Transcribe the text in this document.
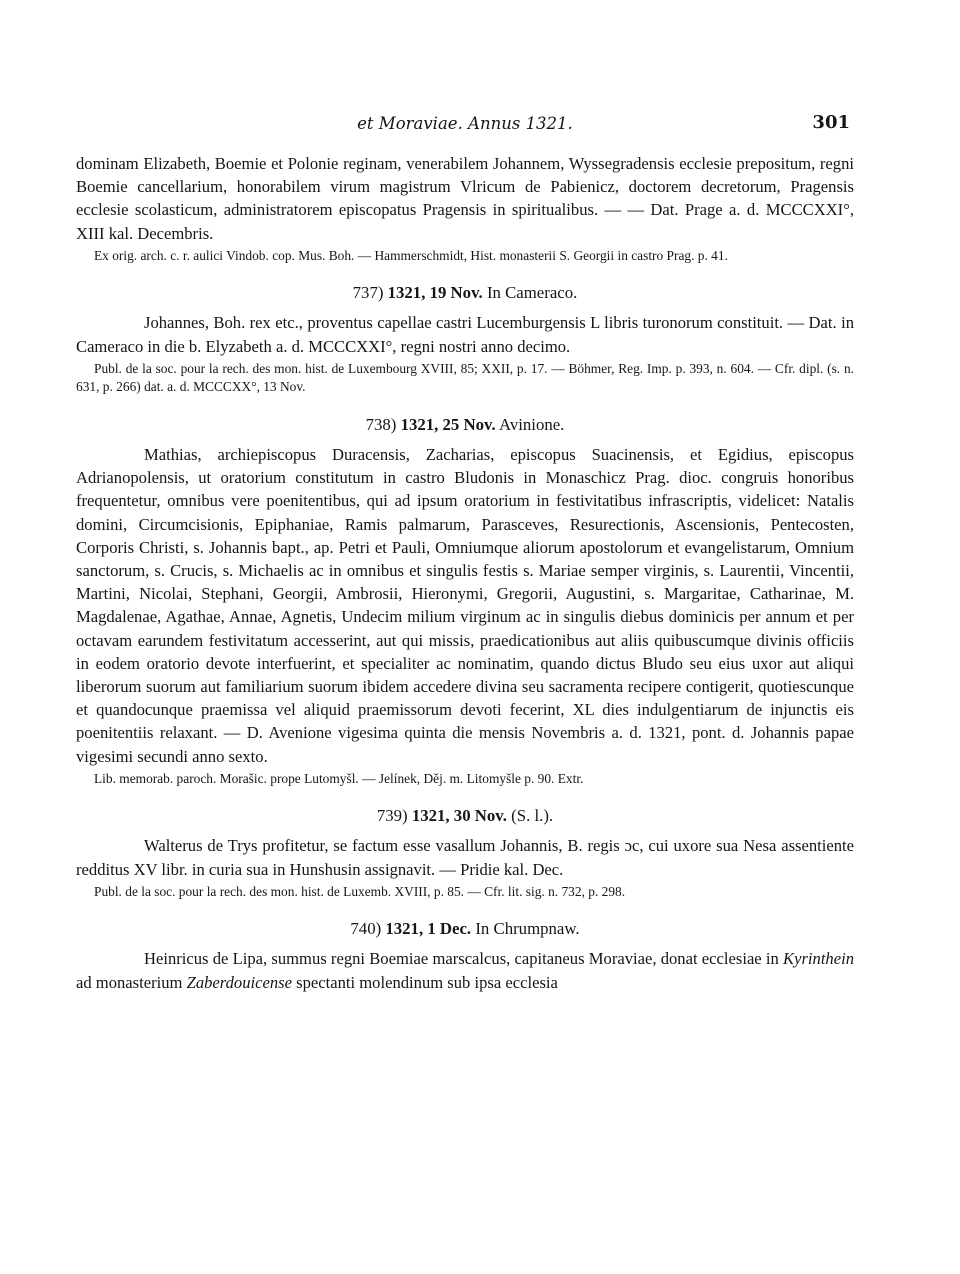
et Moraviae. Annus 1321.	301

dominam Elizabeth, Boemie et Polonie reginam, venerabilem Johannem, Wyssegradensis ecclesie prepositum, regni Boemie cancellarium, honorabilem virum magistrum Vlricum de Pabienicz, doctorem decretorum, Pragensis ecclesie scolasticum, administratorem episcopatus Pragensis in spiritualibus. — — Dat. Prage a. d. MCCCXXI°, XIII kal. Decembris.

Ex orig. arch. c. r. aulici Vindob. cop. Mus. Boh. — Hammerschmidt, Hist. monasterii S. Georgii in castro Prag. p. 41.

737) 1321, 19 Nov. In Cameraco.

Johannes, Boh. rex etc., proventus capellae castri Lucemburgensis L libris turonorum constituit. — Dat. in Cameraco in die b. Elyzabeth a. d. MCCCXXI°, regni nostri anno decimo.

Publ. de la soc. pour la rech. des mon. hist. de Luxembourg XVIII, 85; XXII, p. 17. — Böhmer, Reg. Imp. p. 393, n. 604. — Cfr. dipl. (s. n. 631, p. 266) dat. a. d. MCCCXX°, 13 Nov.

738) 1321, 25 Nov. Avinione.

Mathias, archiepiscopus Duracensis, Zacharias, episcopus Suacinensis, et Egidius, episcopus Adrianopolensis, ut oratorium constitutum in castro Bludonis in Monaschicz Prag. dioc. congruis honoribus frequentetur, omnibus vere poenitentibus, qui ad ipsum oratorium in festivitatibus infrascriptis, videlicet: Natalis domini, Circumcisionis, Epiphaniae, Ramis palmarum, Parasceves, Resurectionis, Ascensionis, Pentecosten, Corporis Christi, s. Johannis bapt., ap. Petri et Pauli, Omniumque aliorum apostolorum et evangelistarum, Omnium sanctorum, s. Crucis, s. Michaelis ac in omnibus et singulis festis s. Mariae semper virginis, s. Laurentii, Vincentii, Martini, Nicolai, Stephani, Georgii, Ambrosii, Hieronymi, Gregorii, Augustini, s. Margaritae, Catharinae, M. Magdalenae, Agathae, Annae, Agnetis, Undecim milium virginum ac in singulis diebus dominicis per annum et per octavam earundem festivitatum accesserint, aut qui missis, praedicationibus aut aliis quibuscumque divinis officiis in eodem oratorio devote interfuerint, et specialiter ac nominatim, quando dictus Bludo seu eius uxor aut aliqui liberorum suorum aut familiarium suorum ibidem accedere divina seu sacramenta recipere contigerit, quotiescunque et quandocunque praemissa vel aliquid praemissorum devoti fecerint, XL dies indulgentiarum de injunctis eis poenitentiis relaxant. — D. Avenione vigesima quinta die mensis Novembris a. d. 1321, pont. d. Johannis papae vigesimi secundi anno sexto.

Lib. memorab. paroch. Morašic. prope Lutomyšl. — Jelínek, Děj. m. Litomyšle p. 90. Extr.

739) 1321, 30 Nov. (S. l.).

Walterus de Trys profitetur, se factum esse vasallum Johannis, B. regis ɔc, cui uxore sua Nesa assentiente redditus XV libr. in curia sua in Hunshusin assignavit. — Pridie kal. Dec.

Publ. de la soc. pour la rech. des mon. hist. de Luxemb. XVIII, p. 85. — Cfr. lit. sig. n. 732, p. 298.

740) 1321, 1 Dec. In Chrumpnaw.

Heinricus de Lipa, summus regni Boemiae marscalcus, capitaneus Moraviae, donat ecclesiae in Kyrinthein ad monasterium Zaberdouicense spectanti molendinum sub ipsa ecclesia
